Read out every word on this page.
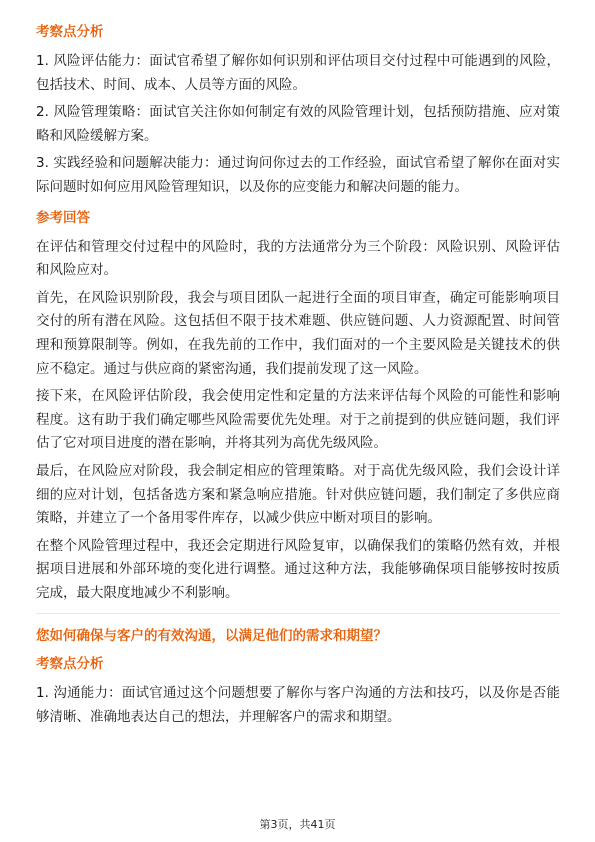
考察点分析

1. 风险评估能力：面试官希望了解你如何识别和评估项目交付过程中可能遇到的风险，包括技术、时间、成本、人员等方面的风险。

2. 风险管理策略：面试官关注你如何制定有效的风险管理计划，包括预防措施、应对策略和风险缓解方案。

3. 实践经验和问题解决能力：通过询问你过去的工作经验，面试官希望了解你在面对实际问题时如何应用风险管理知识，以及你的应变能力和解决问题的能力。

参考回答

在评估和管理交付过程中的风险时，我的方法通常分为三个阶段：风险识别、风险评估和风险应对。

首先，在风险识别阶段，我会与项目团队一起进行全面的项目审查，确定可能影响项目交付的所有潜在风险。这包括但不限于技术难题、供应链问题、人力资源配置、时间管理和预算限制等。例如，在我先前的工作中，我们面对的一个主要风险是关键技术的供应不稳定。通过与供应商的紧密沟通，我们提前发现了这一风险。

接下来，在风险评估阶段，我会使用定性和定量的方法来评估每个风险的可能性和影响程度。这有助于我们确定哪些风险需要优先处理。对于之前提到的供应链问题，我们评估了它对项目进度的潜在影响，并将其列为高优先级风险。

最后，在风险应对阶段，我会制定相应的管理策略。对于高优先级风险，我们会设计详细的应对计划，包括备选方案和紧急响应措施。针对供应链问题，我们制定了多供应商策略，并建立了一个备用零件库存，以减少供应中断对项目的影响。

在整个风险管理过程中，我还会定期进行风险复审，以确保我们的策略仍然有效，并根据项目进展和外部环境的变化进行调整。通过这种方法，我能够确保项目能够按时按质完成，最大限度地减少不利影响。

您如何确保与客户的有效沟通，以满足他们的需求和期望？
考察点分析

1. 沟通能力：面试官通过这个问题想要了解你与客户沟通的方法和技巧，以及你是否能够清晰、准确地表达自己的想法，并理解客户的需求和期望。

第3页，共41页
